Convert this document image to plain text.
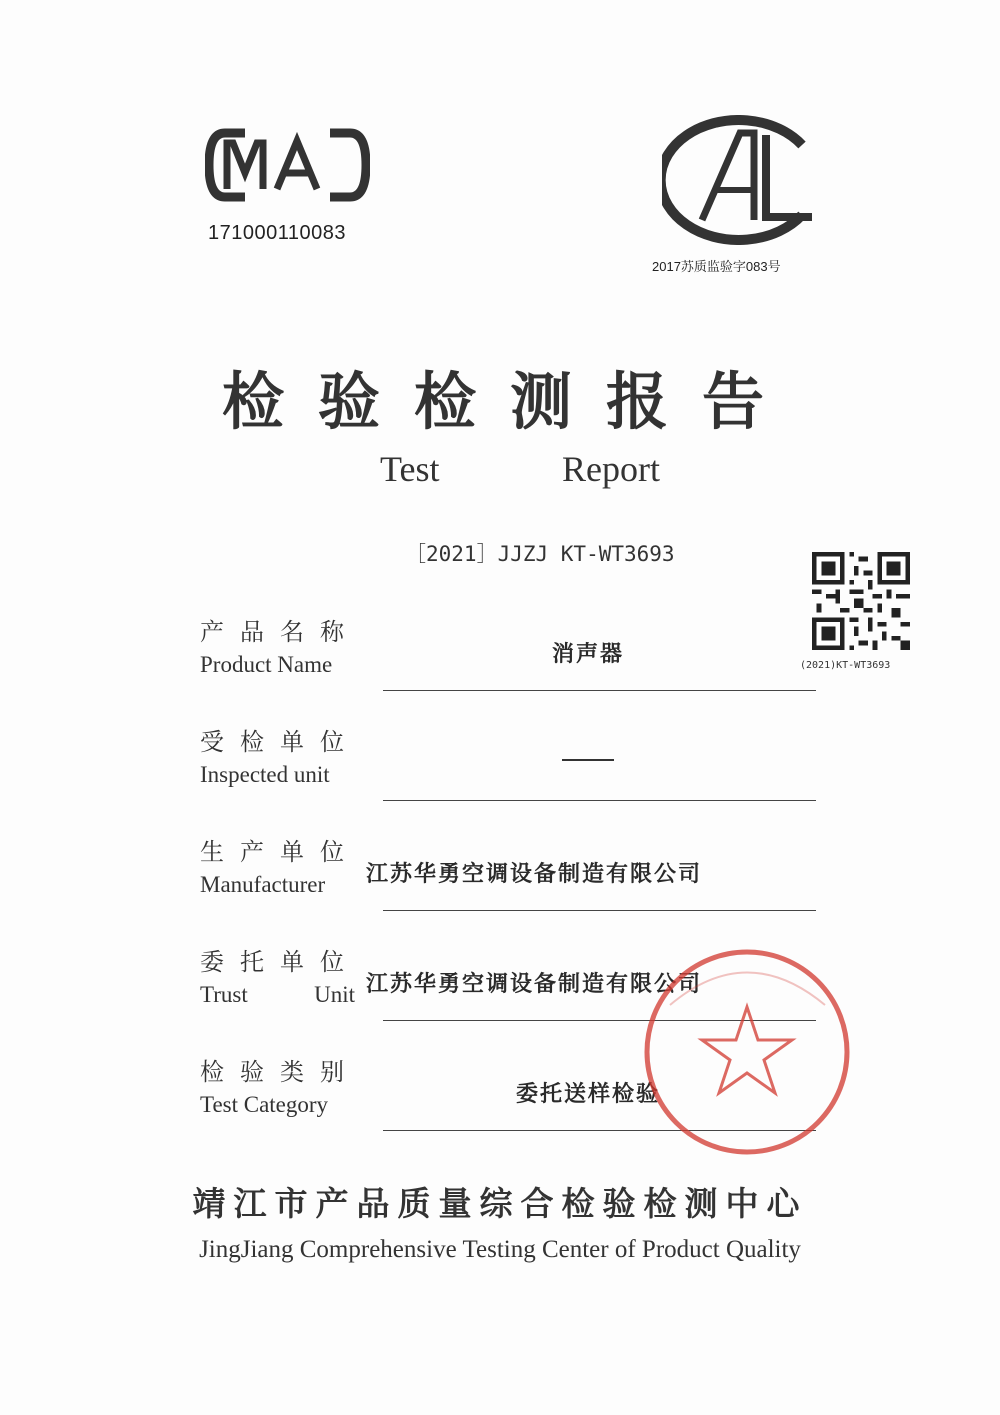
171000110083
2017苏质监验字083号
检验检测报告
Test	Report
［2021］JJZJ KT-WT3693
(2021)KT-WT3693
产品名称
Product Name	消声器
受检单位
Inspected unit
生产单位
Manufacturer 江苏华勇空调设备制造有限公司
委托单位
Trust	Unit 江苏华勇空调设备制造有限公司
检验类别
Test Category	委托送样检验
靖江市产品质量综合检验检测中心
JingJiang Comprehensive Testing Center of Product Quality
